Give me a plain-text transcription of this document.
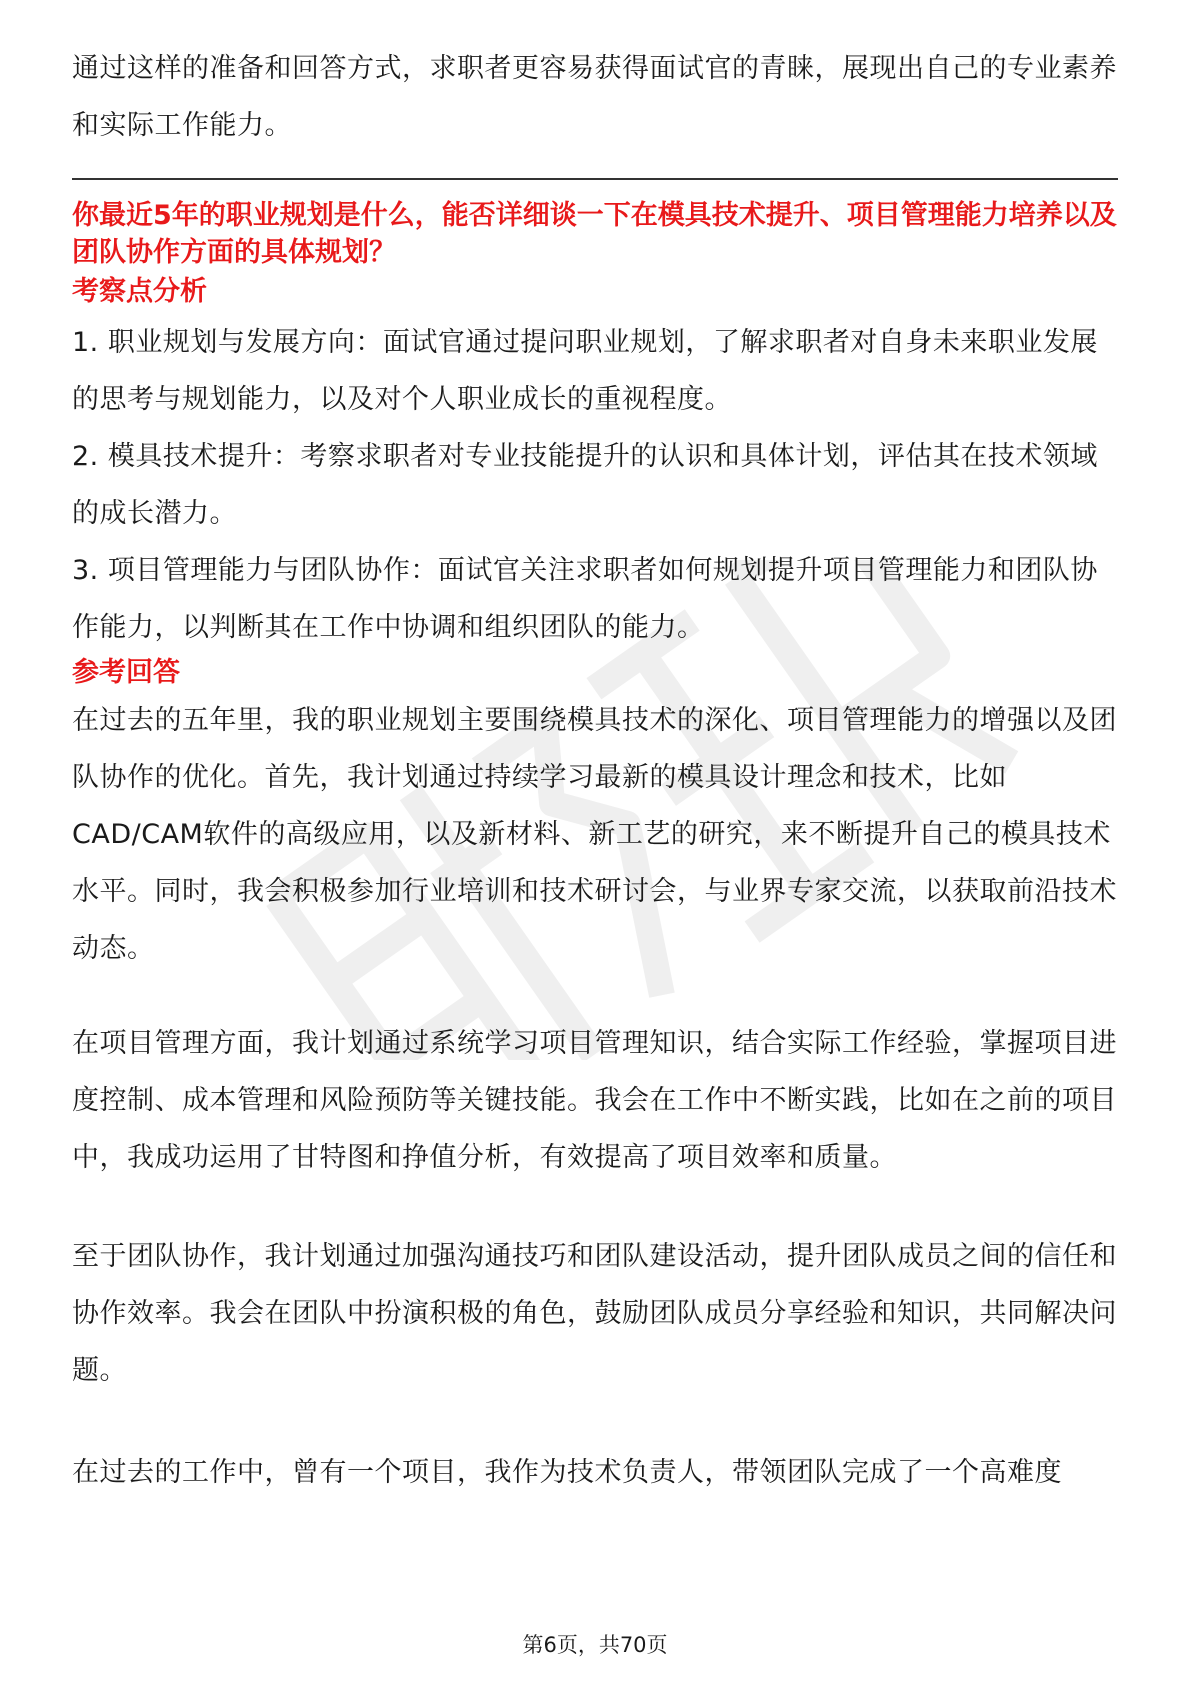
通过这样的准备和回答方式，求职者更容易获得面试官的青睐，展现出自己的专业素养和实际工作能力。

你最近5年的职业规划是什么，能否详细谈一下在模具技术提升、项目管理能力培养以及团队协作方面的具体规划？

考察点分析

1. 职业规划与发展方向：面试官通过提问职业规划，了解求职者对自身未来职业发展的思考与规划能力，以及对个人职业成长的重视程度。

2. 模具技术提升：考察求职者对专业技能提升的认识和具体计划，评估其在技术领域的成长潜力。

3. 项目管理能力与团队协作：面试官关注求职者如何规划提升项目管理能力和团队协作能力，以判断其在工作中协调和组织团队的能力。

参考回答

在过去的五年里，我的职业规划主要围绕模具技术的深化、项目管理能力的增强以及团队协作的优化。首先，我计划通过持续学习最新的模具设计理念和技术，比如CAD/CAM软件的高级应用，以及新材料、新工艺的研究，来不断提升自己的模具技术水平。同时，我会积极参加行业培训和技术研讨会，与业界专家交流，以获取前沿技术动态。

在项目管理方面，我计划通过系统学习项目管理知识，结合实际工作经验，掌握项目进度控制、成本管理和风险预防等关键技能。我会在工作中不断实践，比如在之前的项目中，我成功运用了甘特图和挣值分析，有效提高了项目效率和质量。

至于团队协作，我计划通过加强沟通技巧和团队建设活动，提升团队成员之间的信任和协作效率。我会在团队中扮演积极的角色，鼓励团队成员分享经验和知识，共同解决问题。

在过去的工作中，曾有一个项目，我作为技术负责人，带领团队完成了一个高难度

第6页，共70页
